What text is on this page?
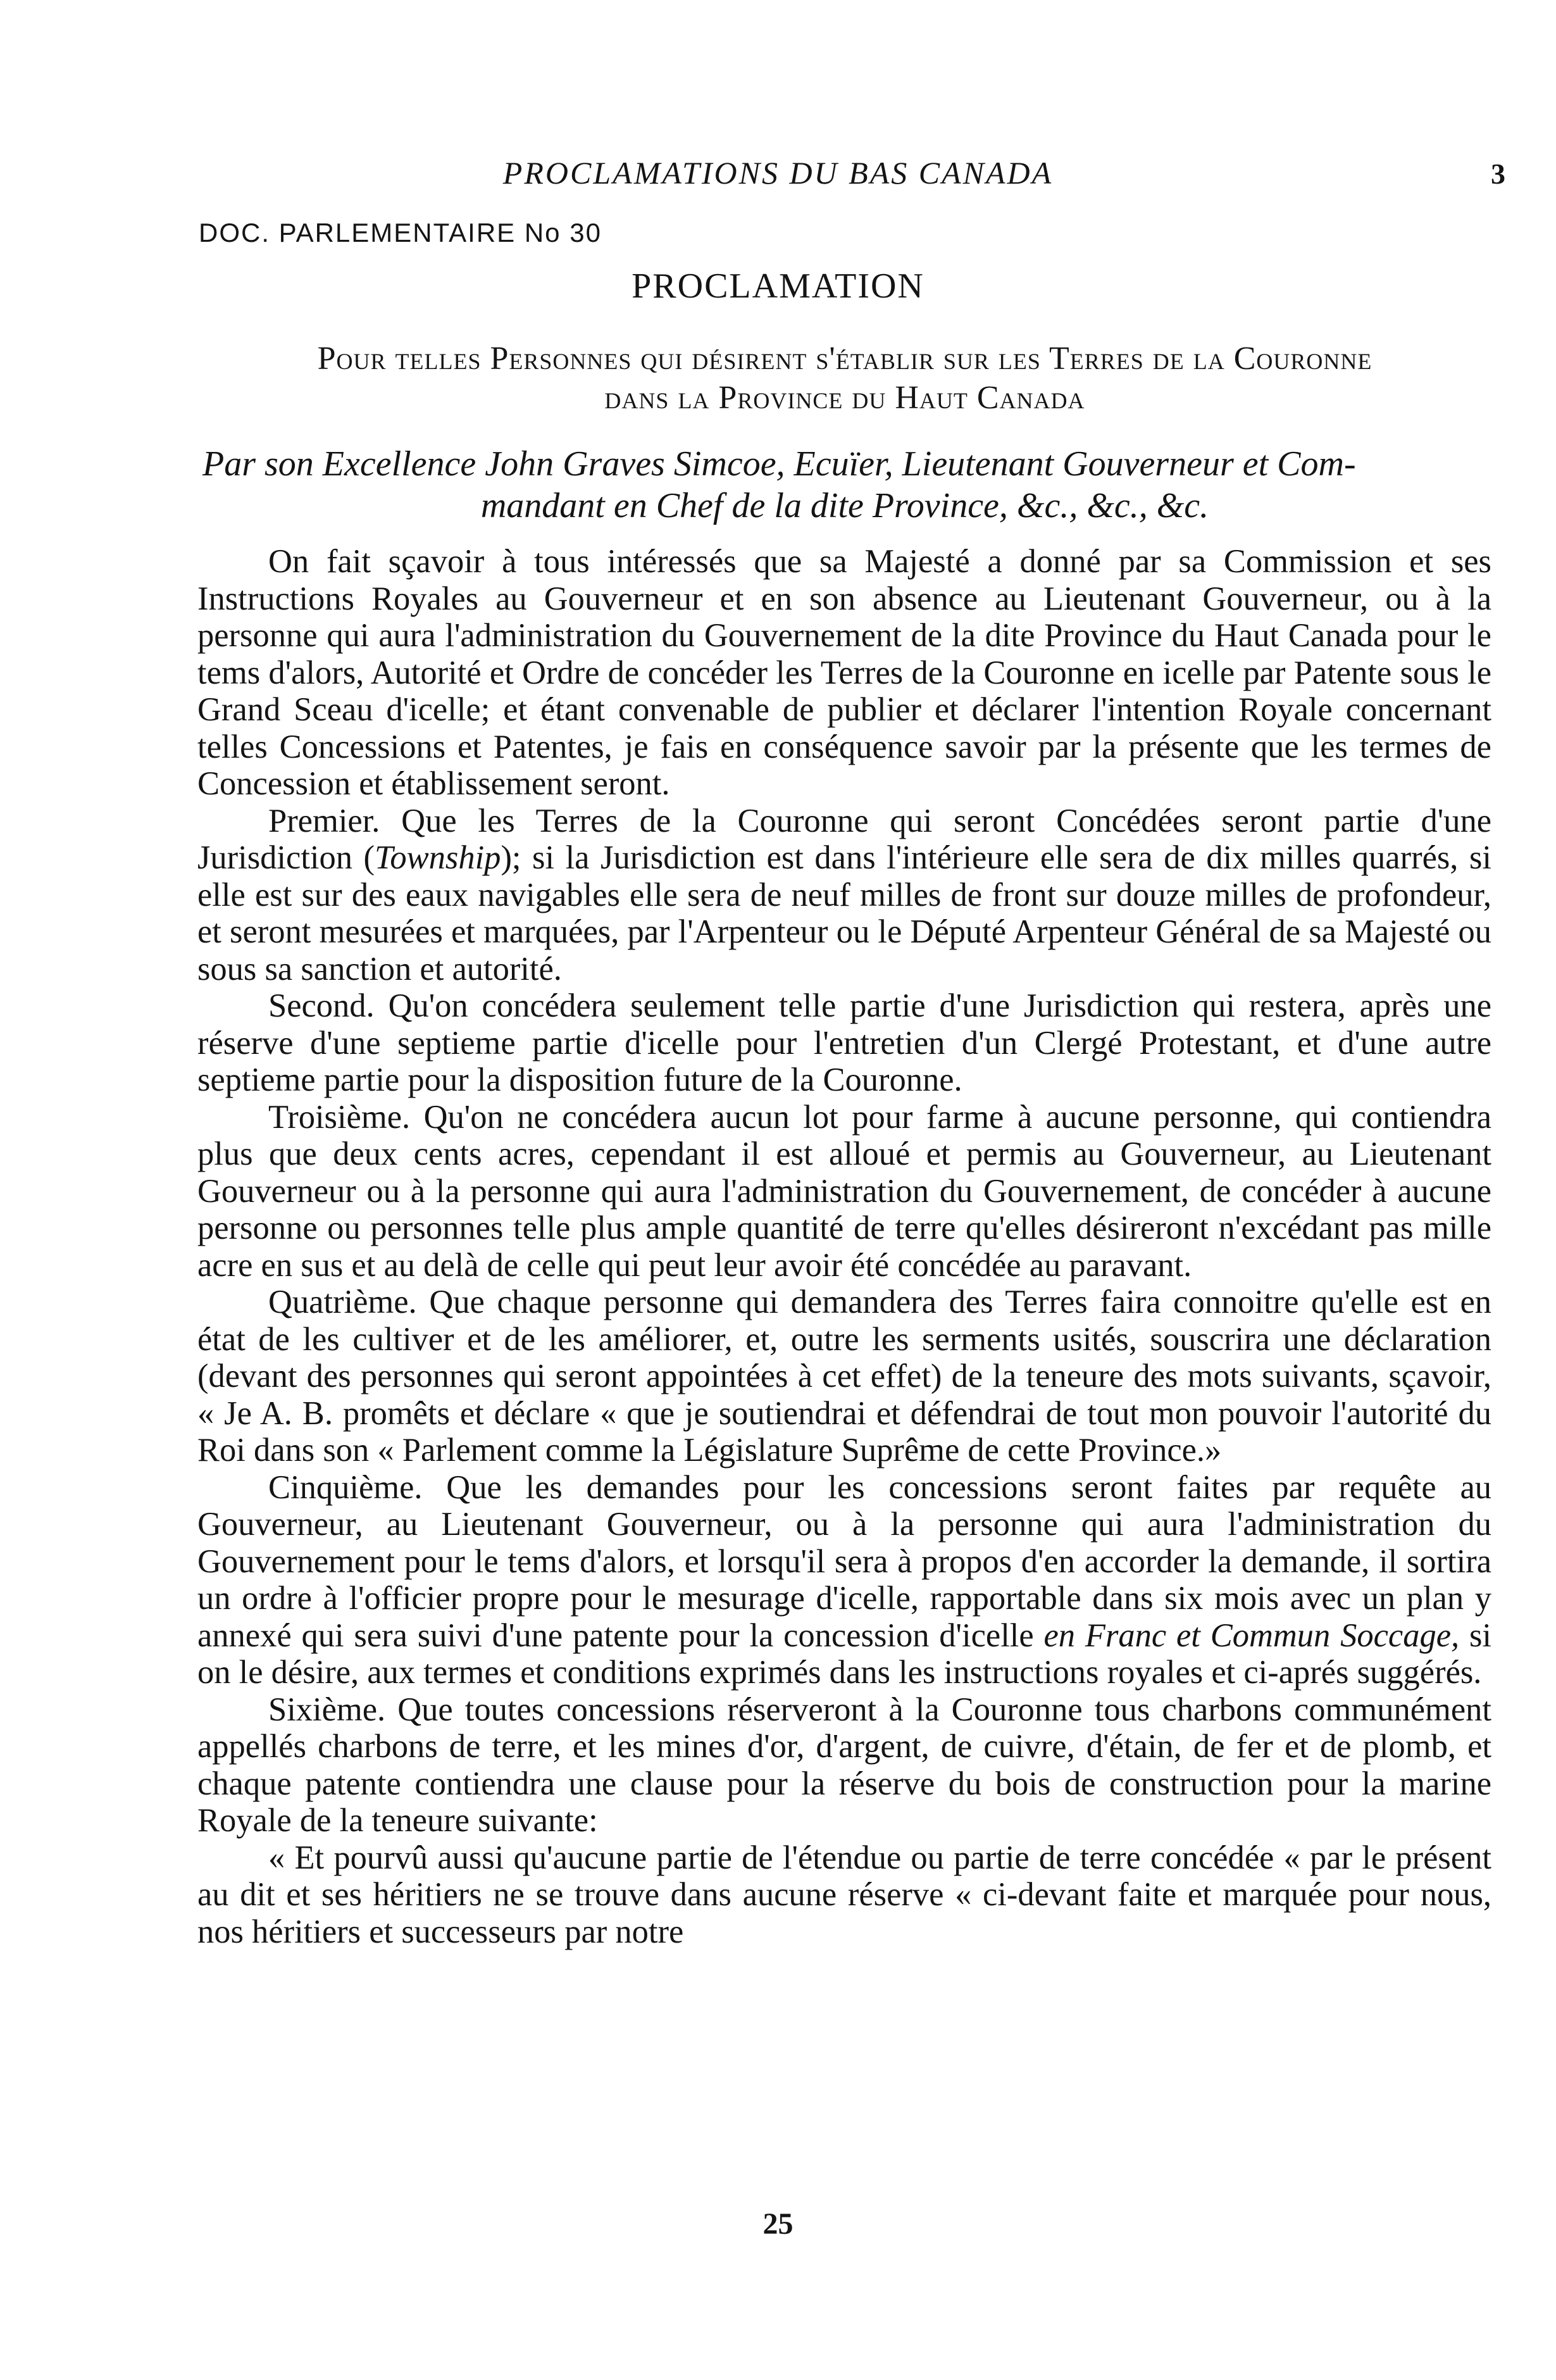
PROCLAMATIONS DU BAS CANADA	3
DOC. PARLEMENTAIRE No 30
PROCLAMATION
Pour telles Personnes qui désirent s'établir sur les Terres de la Couronne
dans la Province du Haut Canada
Par son Excellence John Graves Simcoe, Ecuïer, Lieutenant Gouverneur et Com-
mandant en Chef de la dite Province, &c., &c., &c.

On fait sçavoir à tous intéressés que sa Majesté a donné par sa Commission et ses Instructions Royales au Gouverneur et en son absence au Lieutenant Gouverneur, ou à la personne qui aura l'administration du Gouvernement de la dite Province du Haut Canada pour le tems d'alors, Autorité et Ordre de concéder les Terres de la Couronne en icelle par Patente sous le Grand Sceau d'icelle; et étant convenable de publier et déclarer l'intention Royale concernant telles Concessions et Patentes, je fais en conséquence savoir par la présente que les termes de Concession et établissement seront.

Premier. Que les Terres de la Couronne qui seront Concédées seront partie d'une Jurisdiction (Township); si la Jurisdiction est dans l'intérieure elle sera de dix milles quarrés, si elle est sur des eaux navigables elle sera de neuf milles de front sur douze milles de profondeur, et seront mesurées et marquées, par l'Arpenteur ou le Député Arpenteur Général de sa Majesté ou sous sa sanction et autorité.

Second. Qu'on concédera seulement telle partie d'une Jurisdiction qui restera, après une réserve d'une septieme partie d'icelle pour l'entretien d'un Clergé Protestant, et d'une autre septieme partie pour la disposition future de la Couronne.

Troisième. Qu'on ne concédera aucun lot pour farme à aucune personne, qui contiendra plus que deux cents acres, cependant il est alloué et permis au Gouverneur, au Lieutenant Gouverneur ou à la personne qui aura l'administration du Gouvernement, de concéder à aucune personne ou personnes telle plus ample quantité de terre qu'elles désireront n'excédant pas mille acre en sus et au delà de celle qui peut leur avoir été concédée au paravant.

Quatrième. Que chaque personne qui demandera des Terres faira connoitre qu'elle est en état de les cultiver et de les améliorer, et, outre les serments usités, souscrira une déclaration (devant des personnes qui seront appointées à cet effet) de la teneure des mots suivants, sçavoir, « Je A. B. promêts et déclare « que je soutiendrai et défendrai de tout mon pouvoir l'autorité du Roi dans son « Parlement comme la Législature Suprême de cette Province.»

Cinquième. Que les demandes pour les concessions seront faites par requête au Gouverneur, au Lieutenant Gouverneur, ou à la personne qui aura l'administration du Gouvernement pour le tems d'alors, et lorsqu'il sera à propos d'en accorder la demande, il sortira un ordre à l'officier propre pour le mesurage d'icelle, rapportable dans six mois avec un plan y annexé qui sera suivi d'une patente pour la concession d'icelle en Franc et Commun Soccage, si on le désire, aux termes et conditions exprimés dans les instructions royales et ci-aprés suggérés.

Sixième. Que toutes concessions réserveront à la Couronne tous charbons communément appellés charbons de terre, et les mines d'or, d'argent, de cuivre, d'étain, de fer et de plomb, et chaque patente contiendra une clause pour la réserve du bois de construction pour la marine Royale de la teneure suivante:

« Et pourvû aussi qu'aucune partie de l'étendue ou partie de terre concédée « par le présent au dit et ses héritiers ne se trouve dans aucune réserve « ci-devant faite et marquée pour nous, nos héritiers et successeurs par notre

25
